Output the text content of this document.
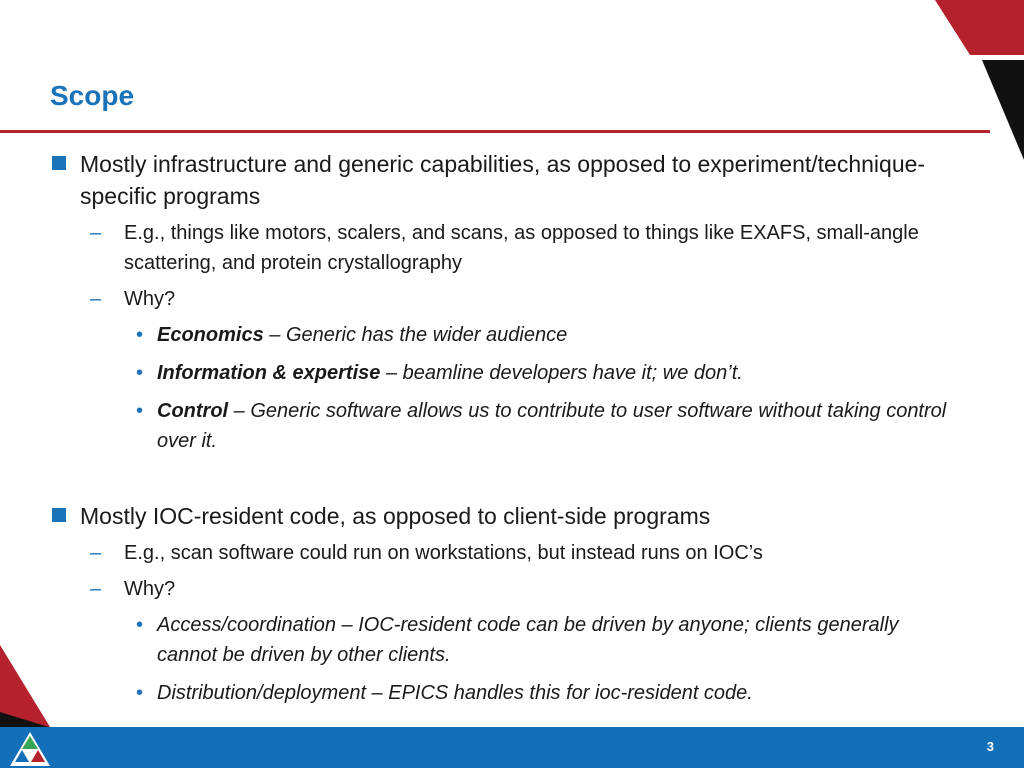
Scope

Mostly infrastructure and generic capabilities, as opposed to experiment/technique-specific programs

– E.g., things like motors, scalers, and scans, as opposed to things like EXAFS, small-angle scattering, and protein crystallography

– Why?

• Economics – Generic has the wider audience

• Information & expertise – beamline developers have it; we don’t.

• Control – Generic software allows us to contribute to user software without taking control over it.

Mostly IOC-resident code, as opposed to client-side programs

– E.g., scan software could run on workstations, but instead runs on IOC’s

– Why?

• Access/coordination – IOC-resident code can be driven by anyone; clients generally cannot be driven by other clients.

• Distribution/deployment – EPICS handles this for ioc-resident code.

3
